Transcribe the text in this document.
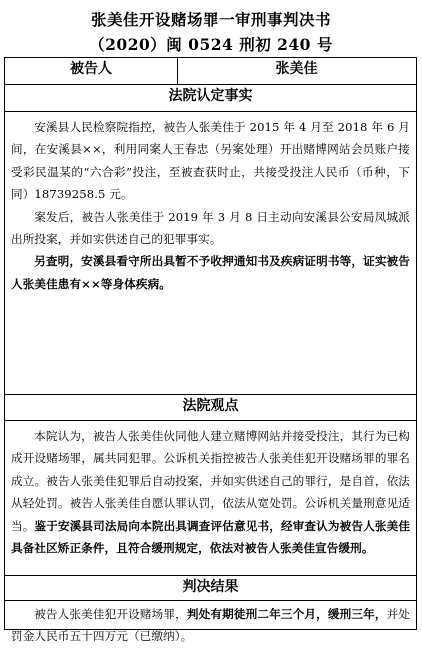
张美佳开设赌场罪一审刑事判决书
（2020）闽 0524 刑初 240 号
被告人	张美佳
法院认定事实

安溪县人民检察院指控，被告人张美佳于 2015 年 4 月至 2018 年 6 月间，在安溪县××，利用同案人王春忠（另案处理）开出赌博网站会员账户接受彩民温某的“六合彩”投注，至被查获时止，共接受投注人民币（币种，下同）18739258.5 元。

案发后，被告人张美佳于 2019 年 3 月 8 日主动向安溪县公安局凤城派出所投案，并如实供述自己的犯罪事实。

另查明，安溪县看守所出具暂不予收押通知书及疾病证明书等，证实被告人张美佳患有××等身体疾病。

法院观点

本院认为，被告人张美佳伙同他人建立赌博网站并接受投注，其行为已构成开设赌场罪，属共同犯罪。公诉机关指控被告人张美佳犯开设赌场罪的罪名成立。被告人张美佳犯罪后自动投案，并如实供述自己的罪行，是自首，依法从轻处罚。被告人张美佳自愿认罪认罚，依法从宽处罚。公诉机关量刑意见适当。鉴于安溪县司法局向本院出具调查评估意见书，经审查认为被告人张美佳具备社区矫正条件，且符合缓刑规定，依法对被告人张美佳宣告缓刑。

判决结果

被告人张美佳犯开设赌场罪，判处有期徒刑二年三个月，缓刑三年，并处罚金人民币五十四万元（已缴纳）。
